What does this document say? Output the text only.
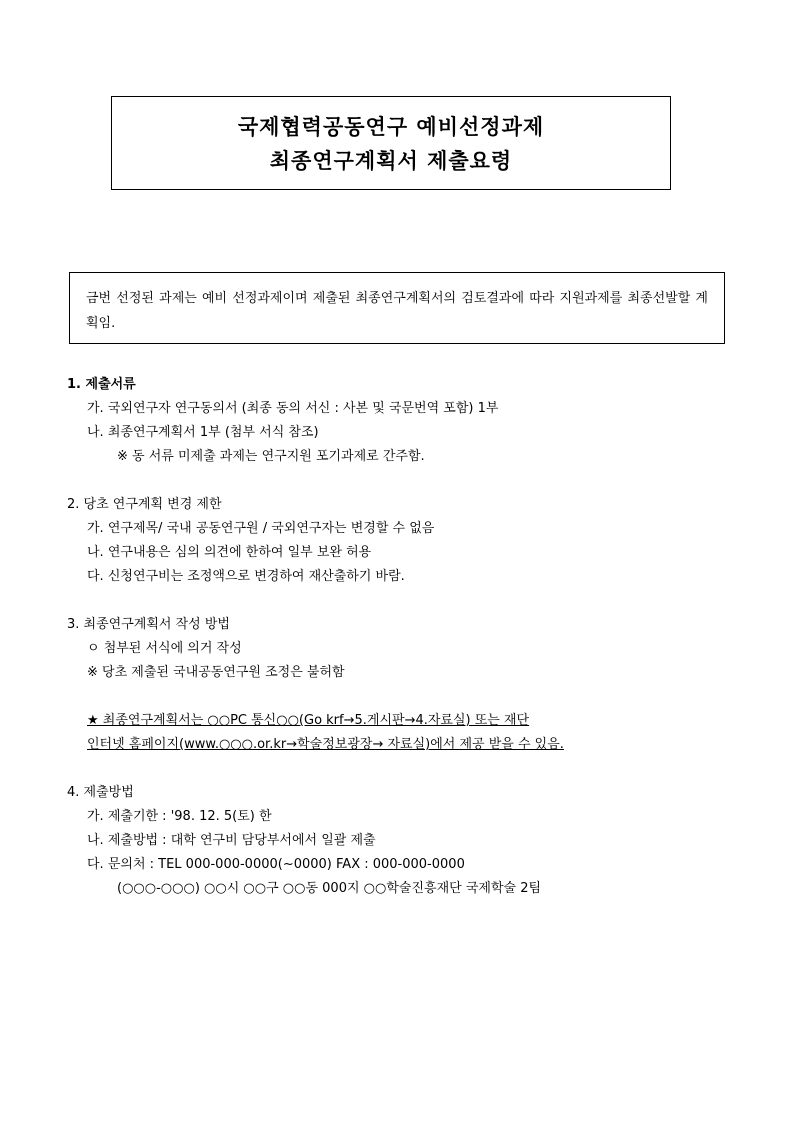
국제협력공동연구 예비선정과제
최종연구계획서 제출요령

금번 선정된 과제는 예비 선정과제이며 제출된 최종연구계획서의 검토결과에 따라 지원과제를 최종선발할 계획임.

1. 제출서류
가. 국외연구자 연구동의서 (최종 동의 서신 : 사본 및 국문번역 포함) 1부
나. 최종연구계획서 1부 (첨부 서식 참조)
※ 동 서류 미제출 과제는 연구지원 포기과제로 간주함.
2. 당초 연구계획 변경 제한
가. 연구제목/ 국내 공동연구원 / 국외연구자는 변경할 수 없음
나. 연구내용은 심의 의견에 한하여 일부 보완 허용
다. 신청연구비는 조정액으로 변경하여 재산출하기 바람.
3. 최종연구계획서 작성 방법
ㅇ 첨부된 서식에 의거 작성
※ 당초 제출된 국내공동연구원 조정은 불허함
★ 최종연구계획서는 ○○PC 통신○○(Go krf→5.게시판→4.자료실) 또는 재단
인터넷 홈페이지(www.○○○.or.kr→학술정보광장→ 자료실)에서 제공 받을 수 있음.
4. 제출방법
가. 제출기한 : '98. 12. 5(토) 한
나. 제출방법 : 대학 연구비 담당부서에서 일괄 제출
다. 문의처 : TEL 000-000-0000(~0000) FAX : 000-000-0000
(○○○-○○○) ○○시 ○○구 ○○동 000지 ○○학술진흥재단 국제학술 2팀
